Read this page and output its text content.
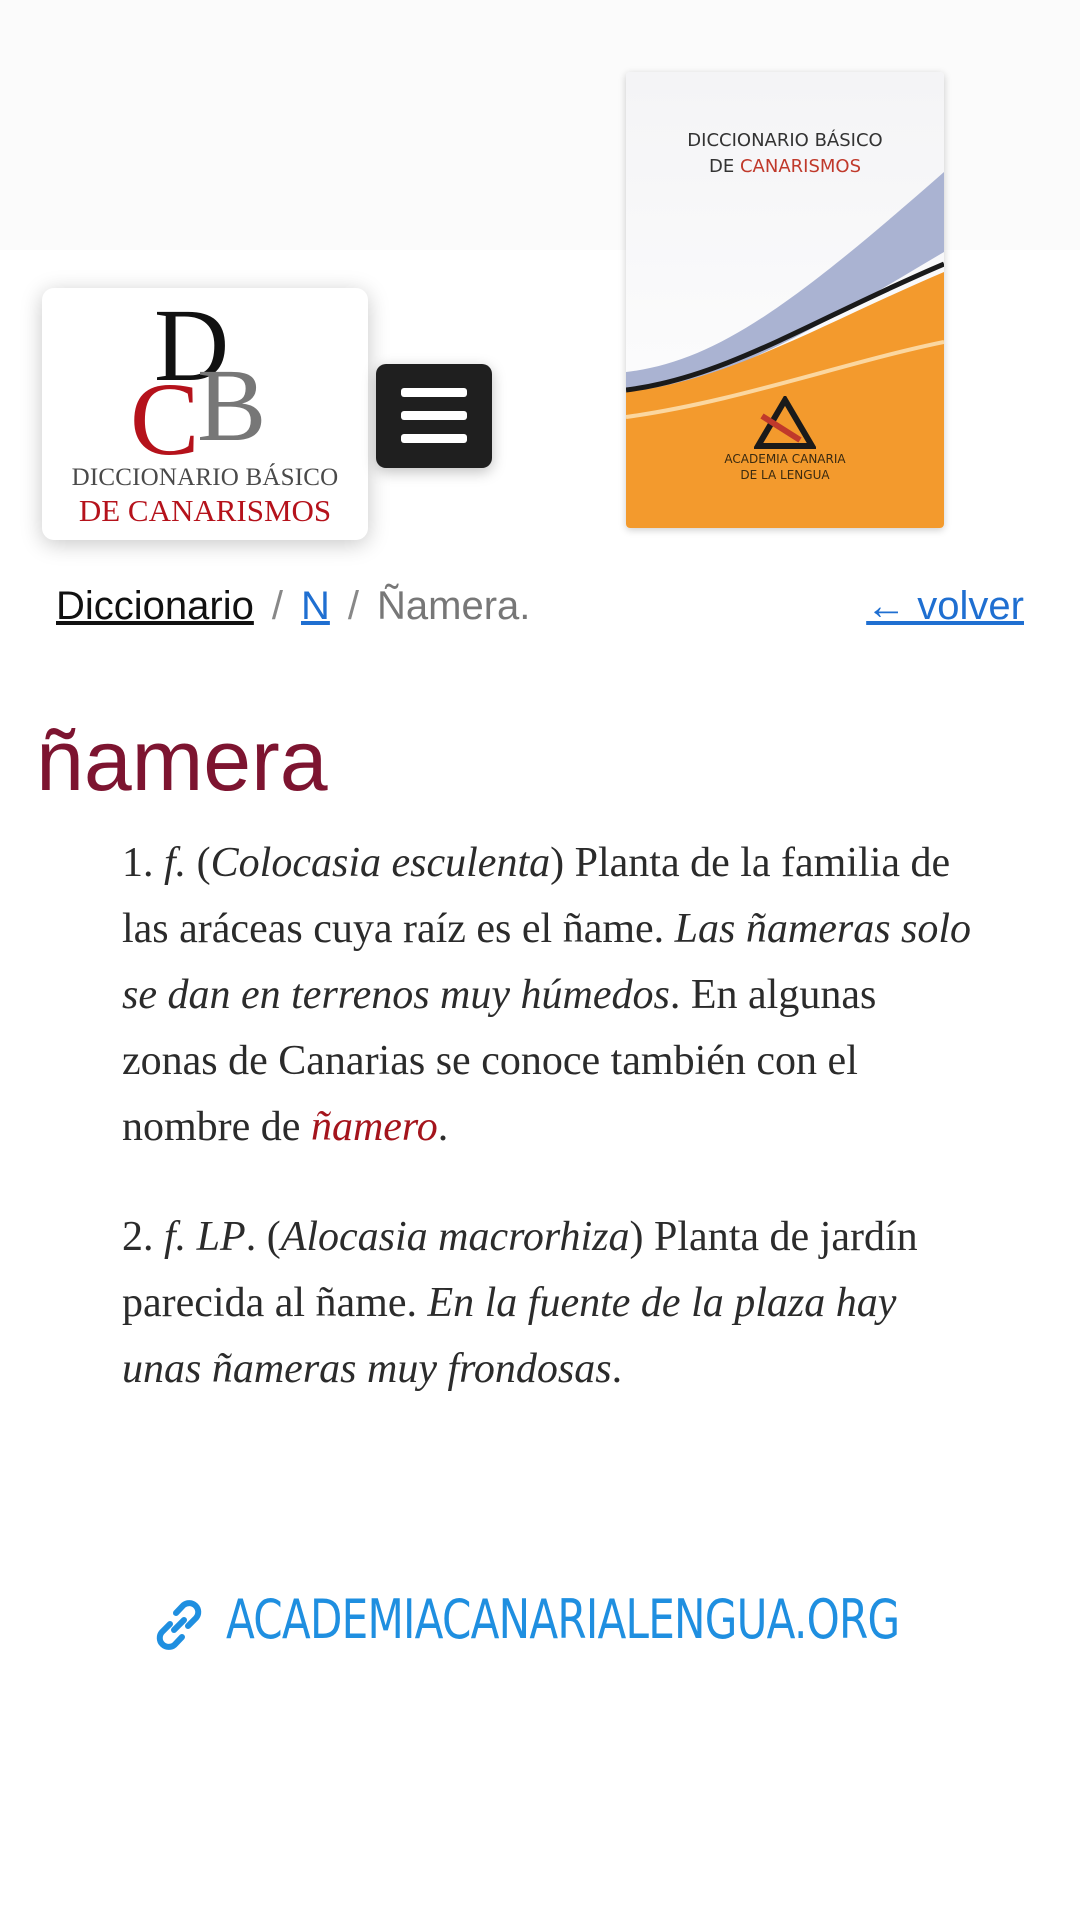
D
C
B
DICCIONARIO BÁSICO
DE CANARISMOS
DICCIONARIO BÁSICO
DE CANARISMOS
ACADEMIA CANARIA
DE LA LENGUA
Diccionario / N / Ñamera.	← volver
ñamera

1. f. (Colocasia esculenta) Planta de la familia de las aráceas cuya raíz es el ñame. Las ñameras solo se dan en terrenos muy húmedos. En algunas zonas de Canarias se conoce también con el nombre de ñamero.

2. f. LP. (Alocasia macrorhiza) Planta de jardín parecida al ñame. En la fuente de la plaza hay unas ñameras muy frondosas.

ACADEMIACANARIALENGUA.ORG
